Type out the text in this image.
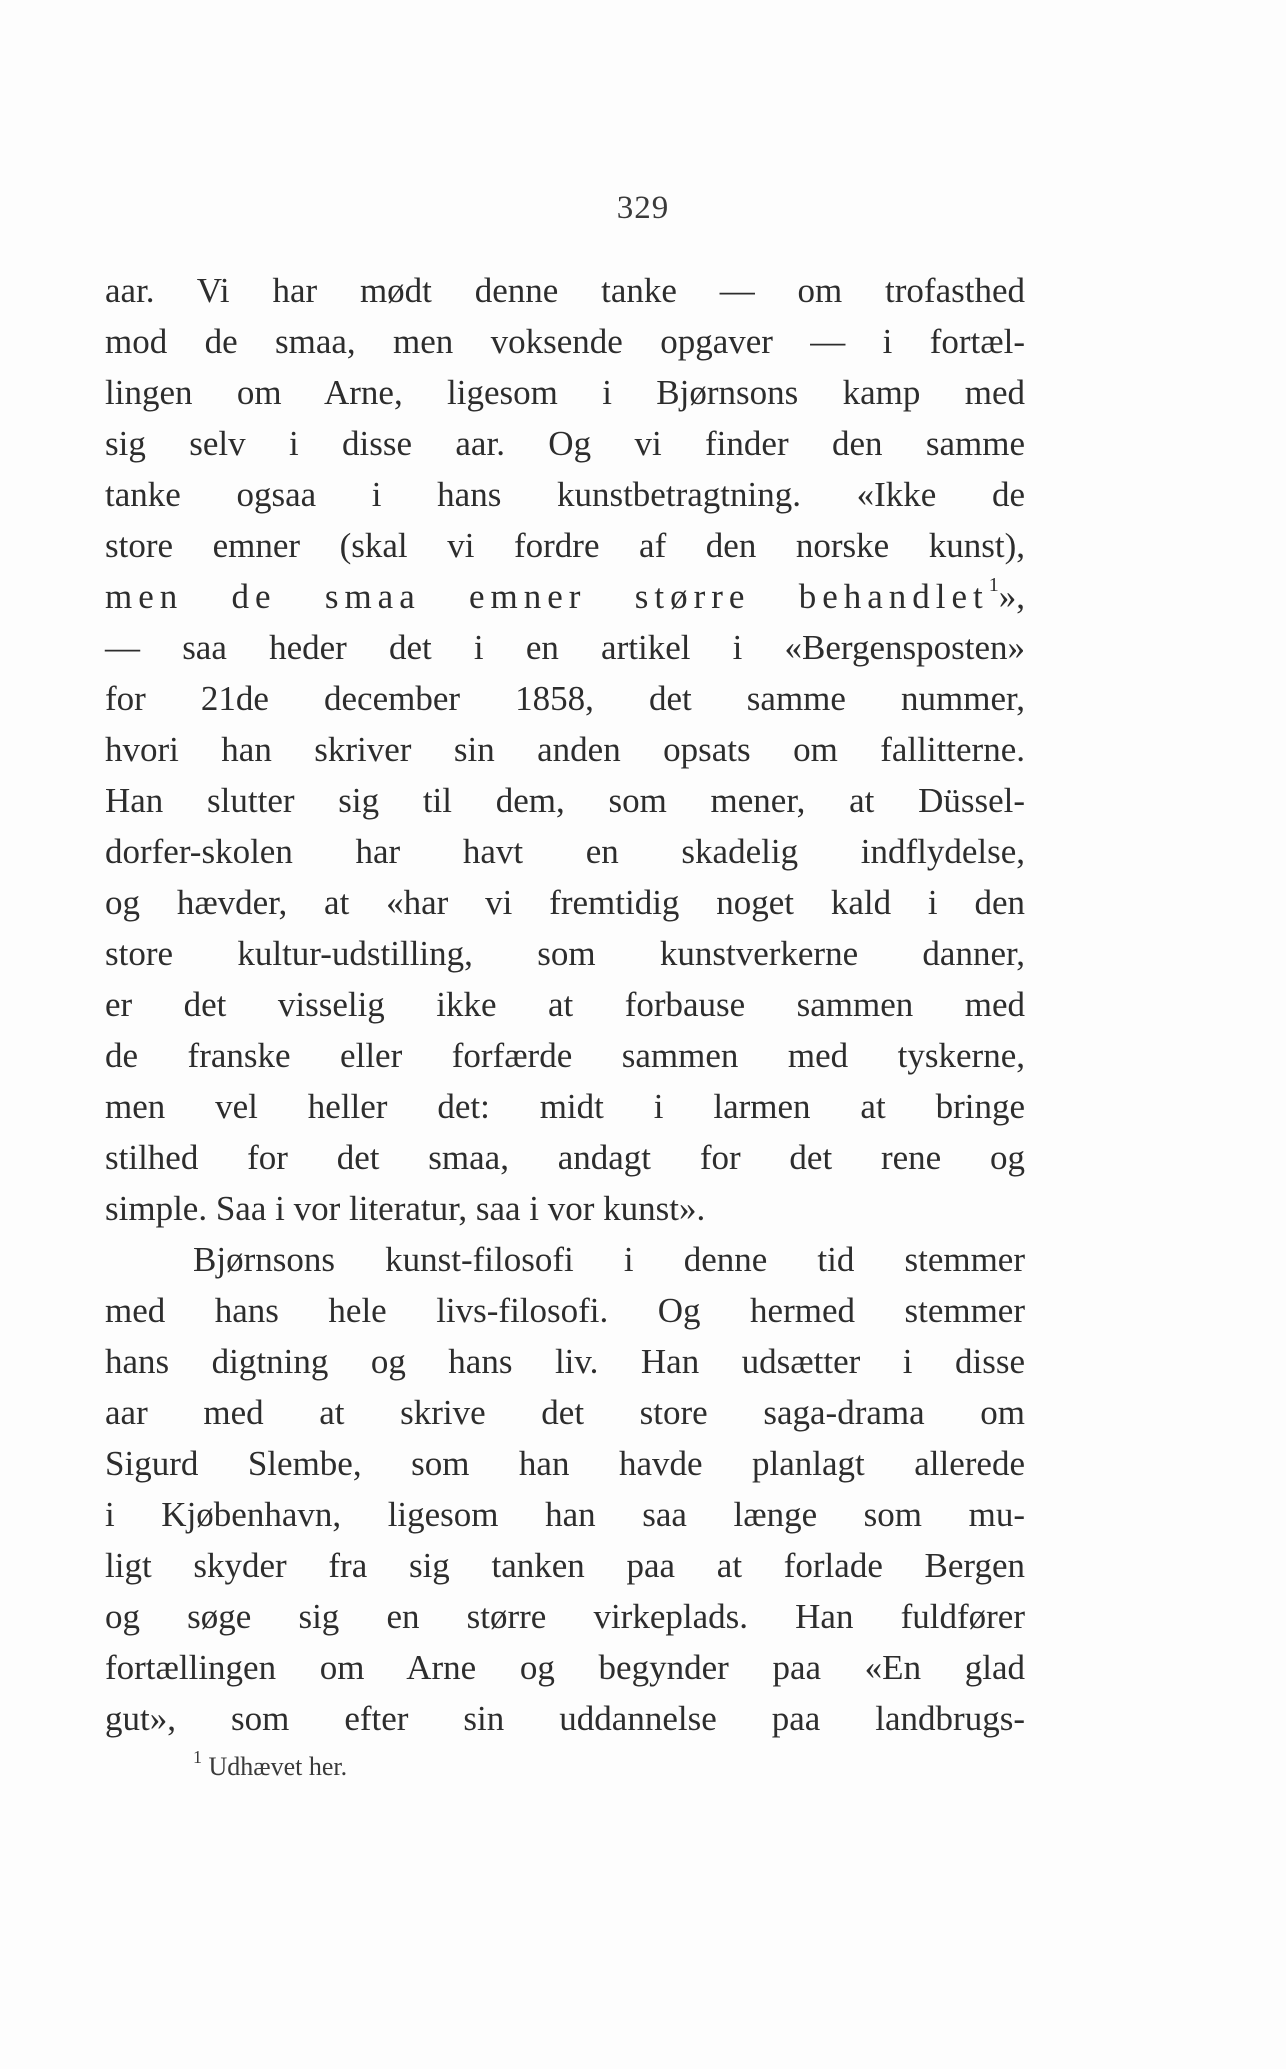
329
aar. Vi har mødt denne tanke — om trofasthed
mod de smaa, men voksende opgaver — i fortæl-
lingen om Arne, ligesom i Bjørnsons kamp med
sig selv i disse aar. Og vi finder den samme
tanke ogsaa i hans kunstbetragtning. «Ikke de
store emner (skal vi fordre af den norske kunst),
men de smaa emner større behandlet$^1$»,
— saa heder det i en artikel i «Bergensposten»
for 21de december 1858, det samme nummer,
hvori han skriver sin anden opsats om fallitterne.
Han slutter sig til dem, som mener, at Düssel-
dorfer-skolen har havt en skadelig indflydelse,
og hævder, at «har vi fremtidig noget kald i den
store kultur-udstilling, som kunstverkerne danner,
er det visselig ikke at forbause sammen med
de franske eller forfærde sammen med tyskerne,
men vel heller det: midt i larmen at bringe
stilhed for det smaa, andagt for det rene og
simple. Saa i vor literatur, saa i vor kunst».
Bjørnsons kunst-filosofi i denne tid stemmer
med hans hele livs-filosofi. Og hermed stemmer
hans digtning og hans liv. Han udsætter i disse
aar med at skrive det store saga-drama om
Sigurd Slembe, som han havde planlagt allerede
i Kjøbenhavn, ligesom han saa længe som mu-
ligt skyder fra sig tanken paa at forlade Bergen
og søge sig en større virkeplads. Han fuldfører
fortællingen om Arne og begynder paa «En glad
gut», som efter sin uddannelse paa landbrugs-
$^1$ Udhævet her.
